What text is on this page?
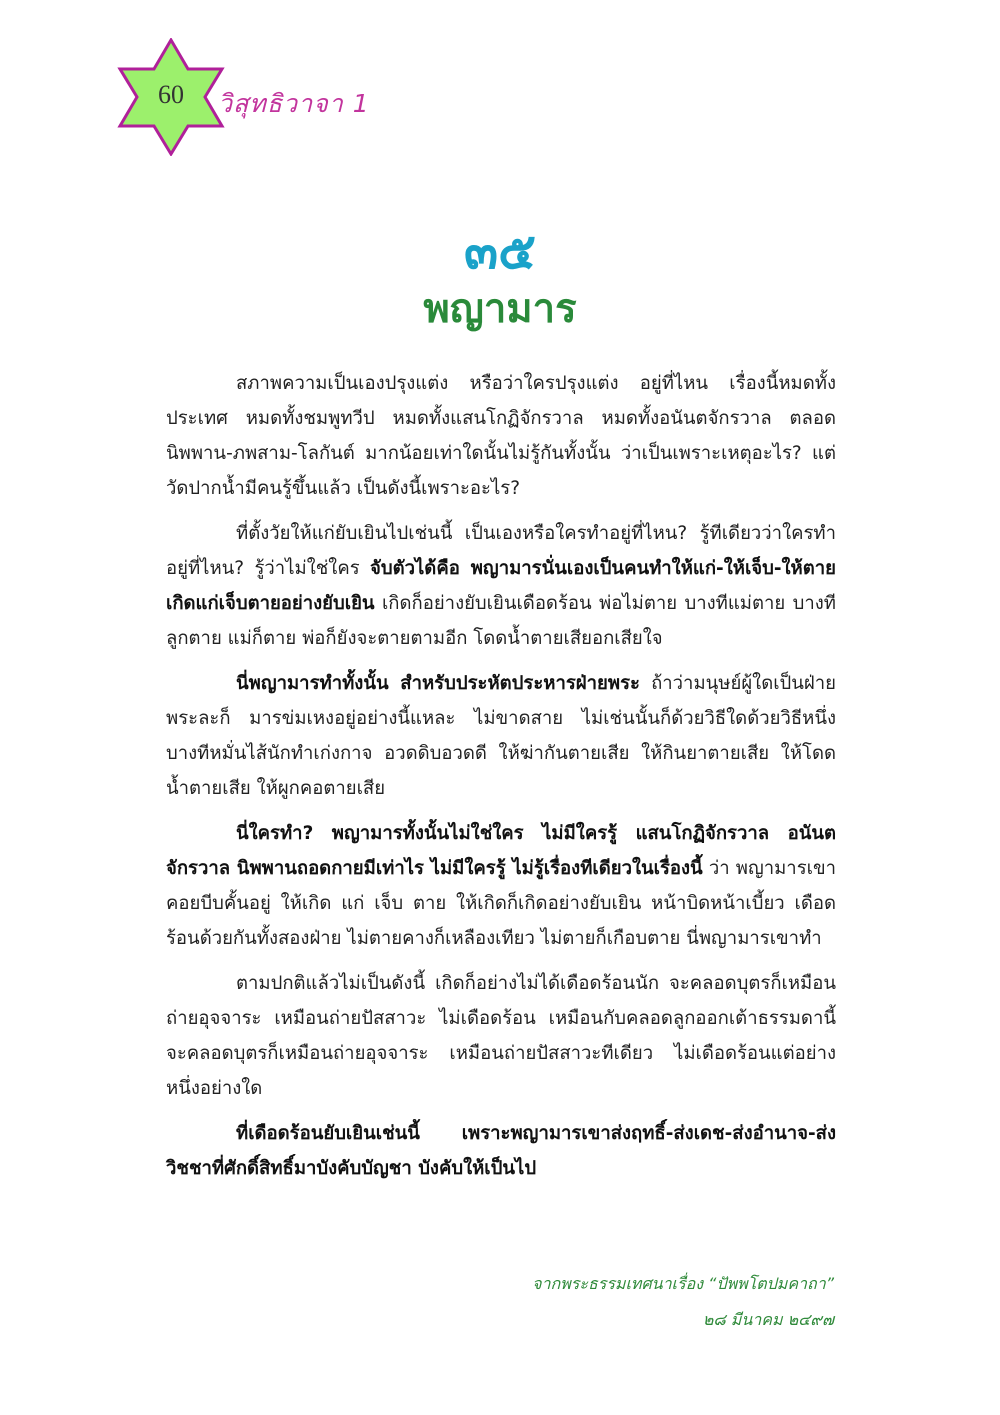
60	วิสุทธิวาจา 1
๓๕
พญามาร

สภาพความเป็นเองปรุงแต่ง หรือว่าใครปรุงแต่ง อยู่ที่ไหน เรื่องนี้หมดทั้งประเทศ หมดทั้งชมพูทวีป หมดทั้งแสนโกฏิจักรวาล หมดทั้งอนันตจักรวาล ตลอดนิพพาน-ภพสาม-โลกันต์ มากน้อยเท่าใดนั้นไม่รู้กันทั้งนั้น ว่าเป็นเพราะเหตุอะไร? แต่วัดปากน้ำมีคนรู้ขึ้นแล้ว เป็นดังนี้เพราะอะไร?

ที่ตั้งวัยให้แก่ยับเยินไปเช่นนี้ เป็นเองหรือใครทำอยู่ที่ไหน? รู้ทีเดียวว่าใครทำอยู่ที่ไหน? รู้ว่าไม่ใช่ใคร จับตัวได้คือ พญามารนั่นเองเป็นคนทำให้แก่-ให้เจ็บ-ให้ตาย เกิดแก่เจ็บตายอย่างยับเยิน เกิดก็อย่างยับเยินเดือดร้อน พ่อไม่ตาย บางทีแม่ตาย บางทีลูกตาย แม่ก็ตาย พ่อก็ยังจะตายตามอีก โดดน้ำตายเสียอกเสียใจ

นี่พญามารทำทั้งนั้น สำหรับประหัตประหารฝ่ายพระ ถ้าว่ามนุษย์ผู้ใดเป็นฝ่ายพระละก็ มารข่มเหงอยู่อย่างนี้แหละ ไม่ขาดสาย ไม่เช่นนั้นก็ด้วยวิธีใดด้วยวิธีหนึ่ง บางทีหมั่นไส้นักทำเก่งกาจ อวดดิบอวดดี ให้ฆ่ากันตายเสีย ให้กินยาตายเสีย ให้โดดน้ำตายเสีย ให้ผูกคอตายเสีย

นี่ใครทำ? พญามารทั้งนั้นไม่ใช่ใคร ไม่มีใครรู้ แสนโกฏิจักรวาล อนันตจักรวาล นิพพานถอดกายมีเท่าไร ไม่มีใครรู้ ไม่รู้เรื่องทีเดียวในเรื่องนี้ ว่า พญามารเขาคอยบีบคั้นอยู่ ให้เกิด แก่ เจ็บ ตาย ให้เกิดก็เกิดอย่างยับเยิน หน้าบิดหน้าเบี้ยว เดือดร้อนด้วยกันทั้งสองฝ่าย ไม่ตายคางก็เหลืองเทียว ไม่ตายก็เกือบตาย นี่พญามารเขาทำ

ตามปกติแล้วไม่เป็นดังนี้ เกิดก็อย่างไม่ได้เดือดร้อนนัก จะคลอดบุตรก็เหมือนถ่ายอุจจาระ เหมือนถ่ายปัสสาวะ ไม่เดือดร้อน เหมือนกับคลอดลูกออกเต้าธรรมดานี้ จะคลอดบุตรก็เหมือนถ่ายอุจจาระ เหมือนถ่ายปัสสาวะทีเดียว ไม่เดือดร้อนแต่อย่างหนึ่งอย่างใด

ที่เดือดร้อนยับเยินเช่นนี้ เพราะพญามารเขาส่งฤทธิ์-ส่งเดช-ส่งอำนาจ-ส่งวิชชาที่ศักดิ์สิทธิ์มาบังคับบัญชา บังคับให้เป็นไป

จากพระธรรมเทศนาเรื่อง “ปัพพโตปมคาถา”
๒๘ มีนาคม ๒๔๙๗
